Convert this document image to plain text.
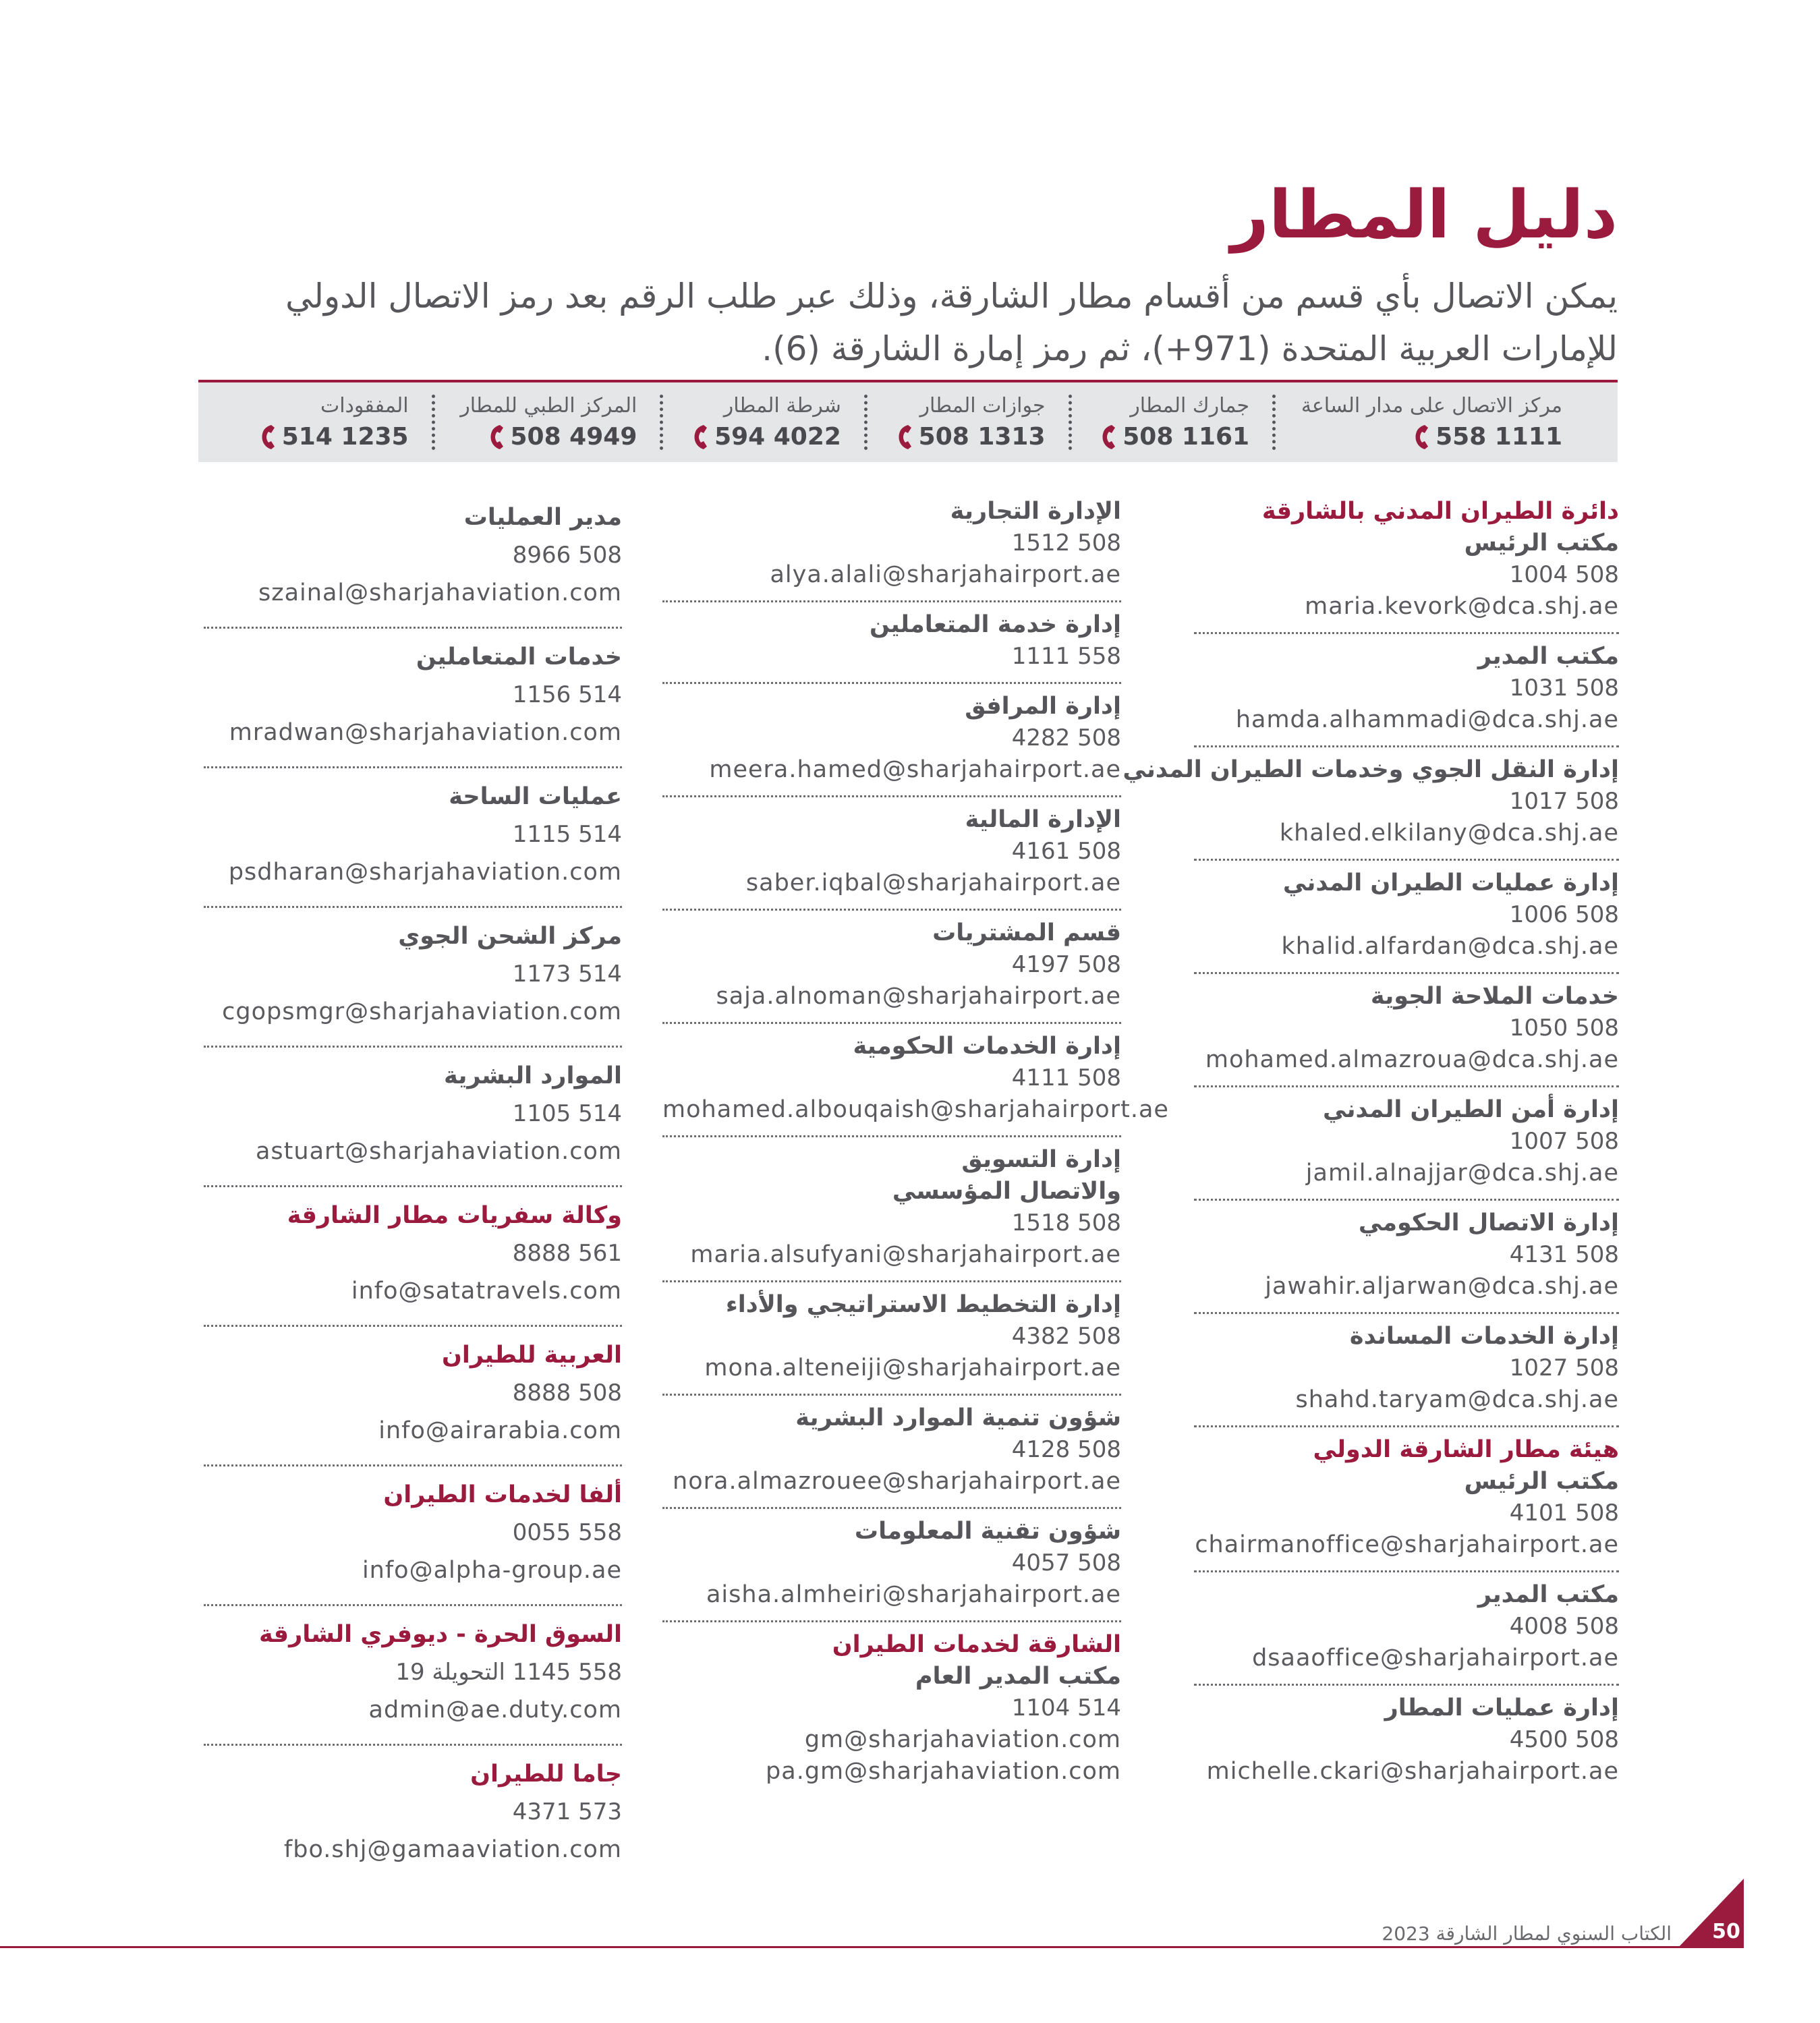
دليل المطار

يمكن الاتصال بأي قسم من أقسام مطار الشارقة، وذلك عبر طلب الرقم بعد رمز الاتصال الدولي
للإمارات العربية المتحدة (971+)، ثم رمز إمارة الشارقة (6).

مركز الاتصال على مدار الساعة
558 1111
جمارك المطار
508 1161
جوازات المطار
508 1313
شرطة المطار
594 4022
المركز الطبي للمطار
508 4949
المفقودات
514 1235
دائرة الطيران المدني بالشارقة
مكتب الرئيس
508 1004
maria.kevork@dca.shj.ae
مكتب المدير
508 1031
hamda.alhammadi@dca.shj.ae
إدارة النقل الجوي وخدمات الطيران المدني
508 1017
khaled.elkilany@dca.shj.ae
إدارة عمليات الطيران المدني
508 1006
khalid.alfardan@dca.shj.ae
خدمات الملاحة الجوية
508 1050
mohamed.almazroua@dca.shj.ae
إدارة أمن الطيران المدني
508 1007
jamil.alnajjar@dca.shj.ae
إدارة الاتصال الحكومي
508 4131
jawahir.aljarwan@dca.shj.ae
إدارة الخدمات المساندة
508 1027
shahd.taryam@dca.shj.ae
هيئة مطار الشارقة الدولي
مكتب الرئيس
508 4101
chairmanoffice@sharjahairport.ae
مكتب المدير
508 4008
dsaaoffice@sharjahairport.ae
إدارة عمليات المطار
508 4500
michelle.ckari@sharjahairport.ae
الإدارة التجارية
508 1512
alya.alali@sharjahairport.ae
إدارة خدمة المتعاملين
558 1111
إدارة المرافق
508 4282
meera.hamed@sharjahairport.ae
الإدارة المالية
508 4161
saber.iqbal@sharjahairport.ae
قسم المشتريات
508 4197
saja.alnoman@sharjahairport.ae
إدارة الخدمات الحكومية
508 4111
mohamed.albouqaish@sharjahairport.ae
إدارة التسويق
والاتصال المؤسسي
508 1518
maria.alsufyani@sharjahairport.ae
إدارة التخطيط الاستراتيجي والأداء
508 4382
mona.alteneiji@sharjahairport.ae
شؤون تنمية الموارد البشرية
508 4128
nora.almazrouee@sharjahairport.ae
شؤون تقنية المعلومات
508 4057
aisha.almheiri@sharjahairport.ae
الشارقة لخدمات الطيران
مكتب المدير العام
514 1104
gm@sharjahaviation.com
pa.gm@sharjahaviation.com
مدير العمليات
508 8966
szainal@sharjahaviation.com
خدمات المتعاملين
514 1156
mradwan@sharjahaviation.com
عمليات الساحة
514 1115
psdharan@sharjahaviation.com
مركز الشحن الجوي
514 1173
cgopsmgr@sharjahaviation.com
الموارد البشرية
514 1105
astuart@sharjahaviation.com
وكالة سفريات مطار الشارقة
561 8888
info@satatravels.com
العربية للطيران
508 8888
info@airarabia.com
ألفا لخدمات الطيران
558 0055
info@alpha-group.ae
السوق الحرة - ديوفري الشارقة
558 1145 التحويلة 19
admin@ae.duty.com
جاما للطيران
573 4371
fbo.shj@gamaaviation.com
50
الكتاب السنوي لمطار الشارقة 2023
